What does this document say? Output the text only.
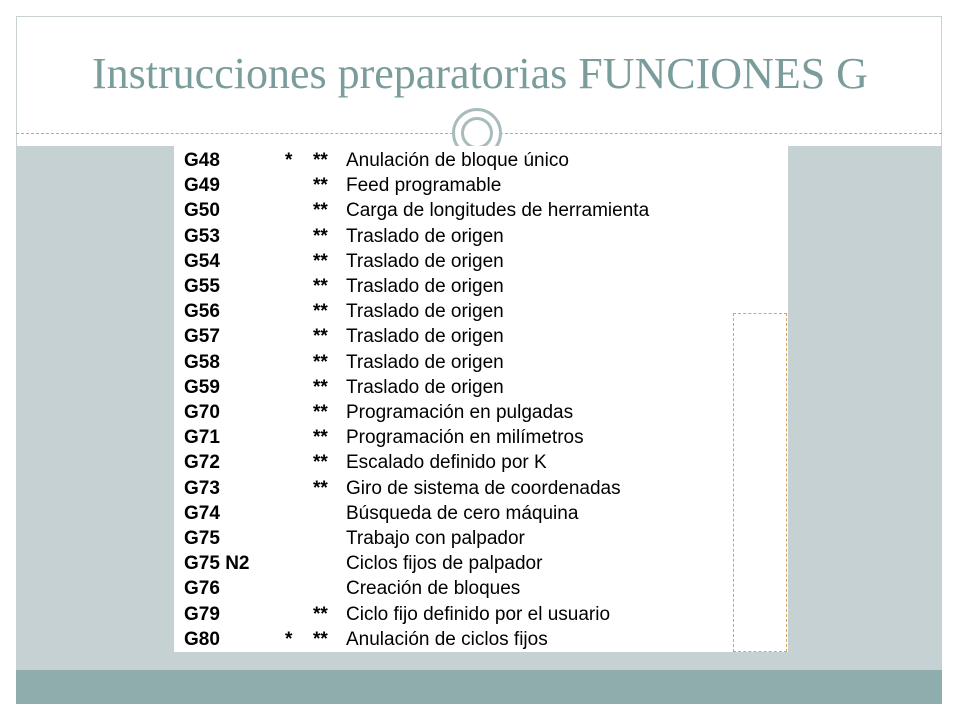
Instrucciones preparatorias FUNCIONES G
G48	* ** Anulación de bloque único
G49	** Feed programable
G50	** Carga de longitudes de herramienta
G53	** Traslado de origen
G54	** Traslado de origen
G55	** Traslado de origen
G56	** Traslado de origen
G57	** Traslado de origen
G58	** Traslado de origen
G59	** Traslado de origen
G70	** Programación en pulgadas
G71	** Programación en milímetros
G72	** Escalado definido por K
G73	** Giro de sistema de coordenadas
G74	Búsqueda de cero máquina
G75	Trabajo con palpador
G75 N2	Ciclos fijos de palpador
G76	Creación de bloques
G79	** Ciclo fijo definido por el usuario
G80	* ** Anulación de ciclos fijos
